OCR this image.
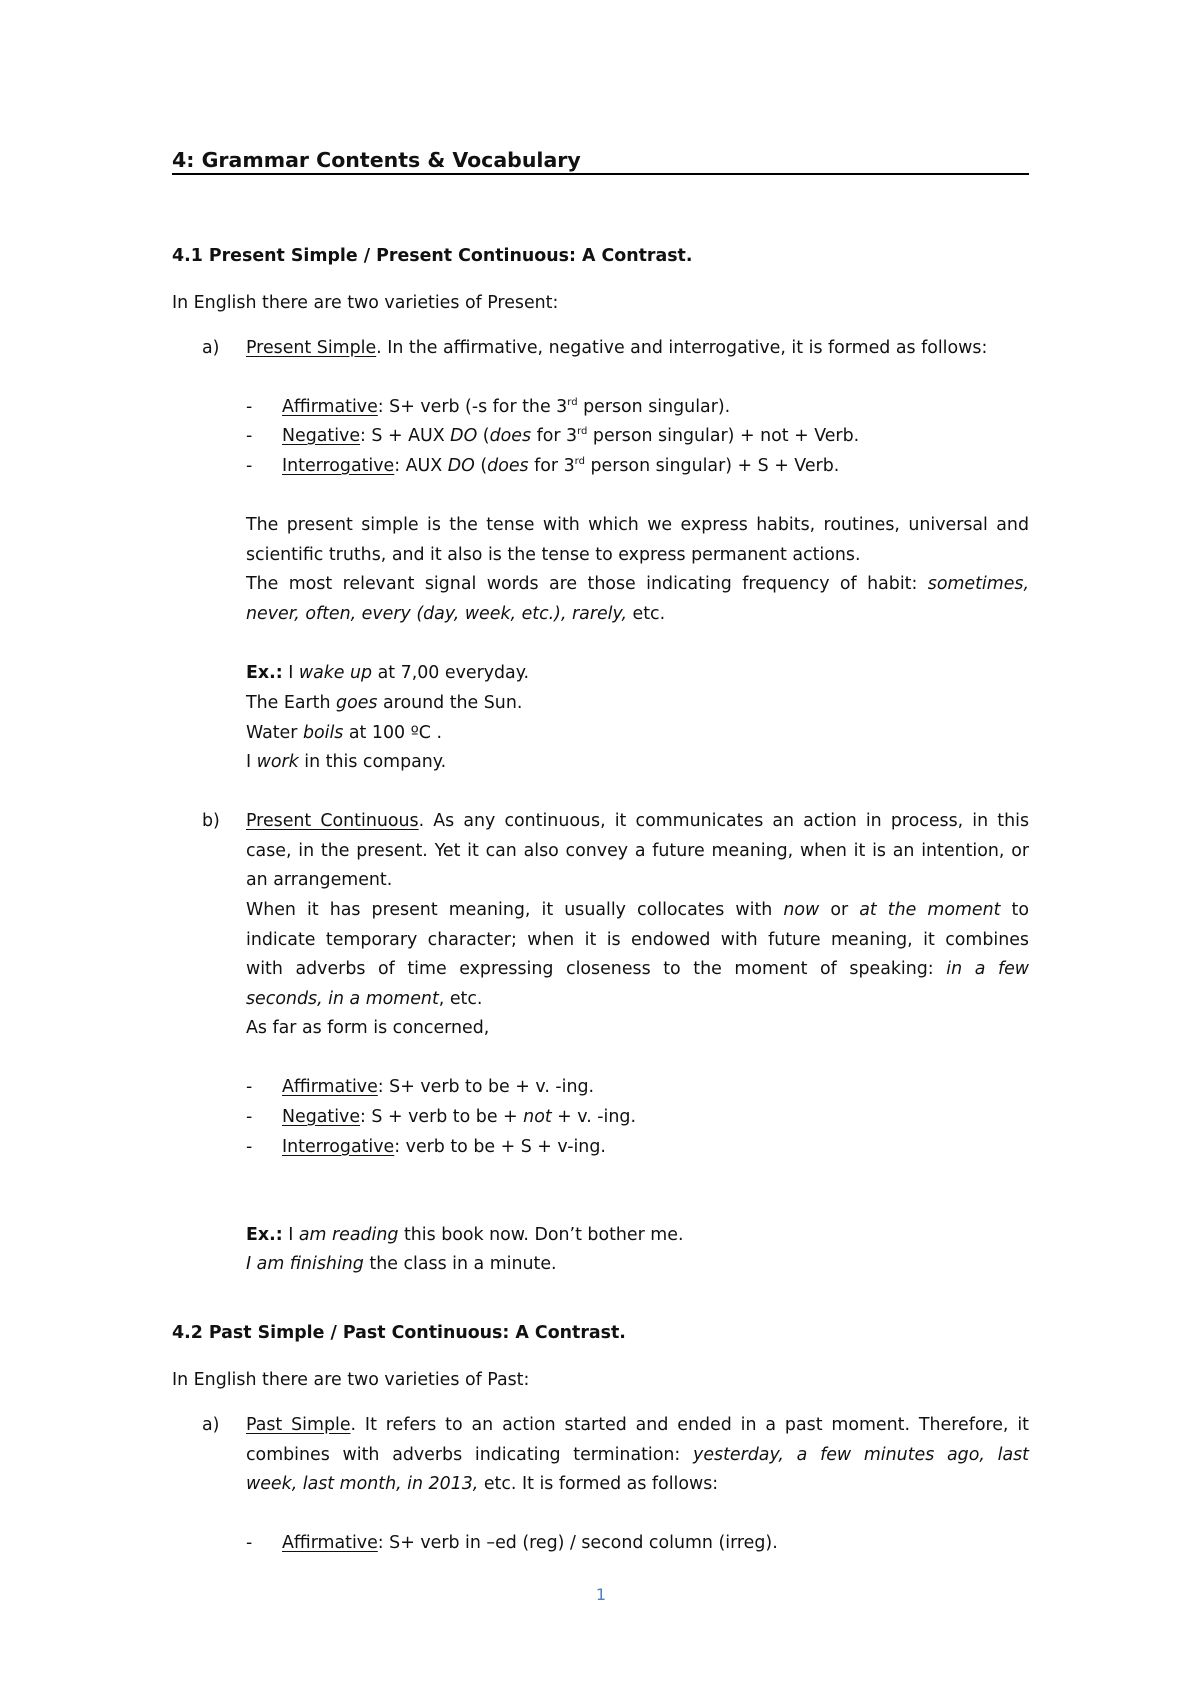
4: Grammar Contents & Vocabulary
4.1 Present Simple / Present Continuous: A Contrast.
In English there are two varieties of Present:
a) Present Simple. In the affirmative, negative and interrogative, it is formed as follows:
- Affirmative: S+ verb (-s for the 3rd person singular).
- Negative: S + AUX DO (does for 3rd person singular) + not + Verb.
- Interrogative: AUX DO (does for 3rd person singular) + S + Verb.
The present simple is the tense with which we express habits, routines, universal and
scientific truths, and it also is the tense to express permanent actions.
The most relevant signal words are those indicating frequency of habit: sometimes,
never, often, every (day, week, etc.), rarely, etc.
Ex.: I wake up at 7,00 everyday.
The Earth goes around the Sun.
Water boils at 100 ºC .
I work in this company.
b) Present Continuous. As any continuous, it communicates an action in process, in this
case, in the present. Yet it can also convey a future meaning, when it is an intention, or
an arrangement.
When it has present meaning, it usually collocates with now or at the moment to
indicate temporary character; when it is endowed with future meaning, it combines
with adverbs of time expressing closeness to the moment of speaking: in a few
seconds, in a moment, etc.
As far as form is concerned,
- Affirmative: S+ verb to be + v. -ing.
- Negative: S + verb to be + not + v. -ing.
- Interrogative: verb to be + S + v-ing.
Ex.: I am reading this book now. Don’t bother me.
I am finishing the class in a minute.
4.2 Past Simple / Past Continuous: A Contrast.
In English there are two varieties of Past:
a) Past Simple. It refers to an action started and ended in a past moment. Therefore, it
combines with adverbs indicating termination: yesterday, a few minutes ago, last
week, last month, in 2013, etc. It is formed as follows:
- Affirmative: S+ verb in –ed (reg) / second column (irreg).
1
